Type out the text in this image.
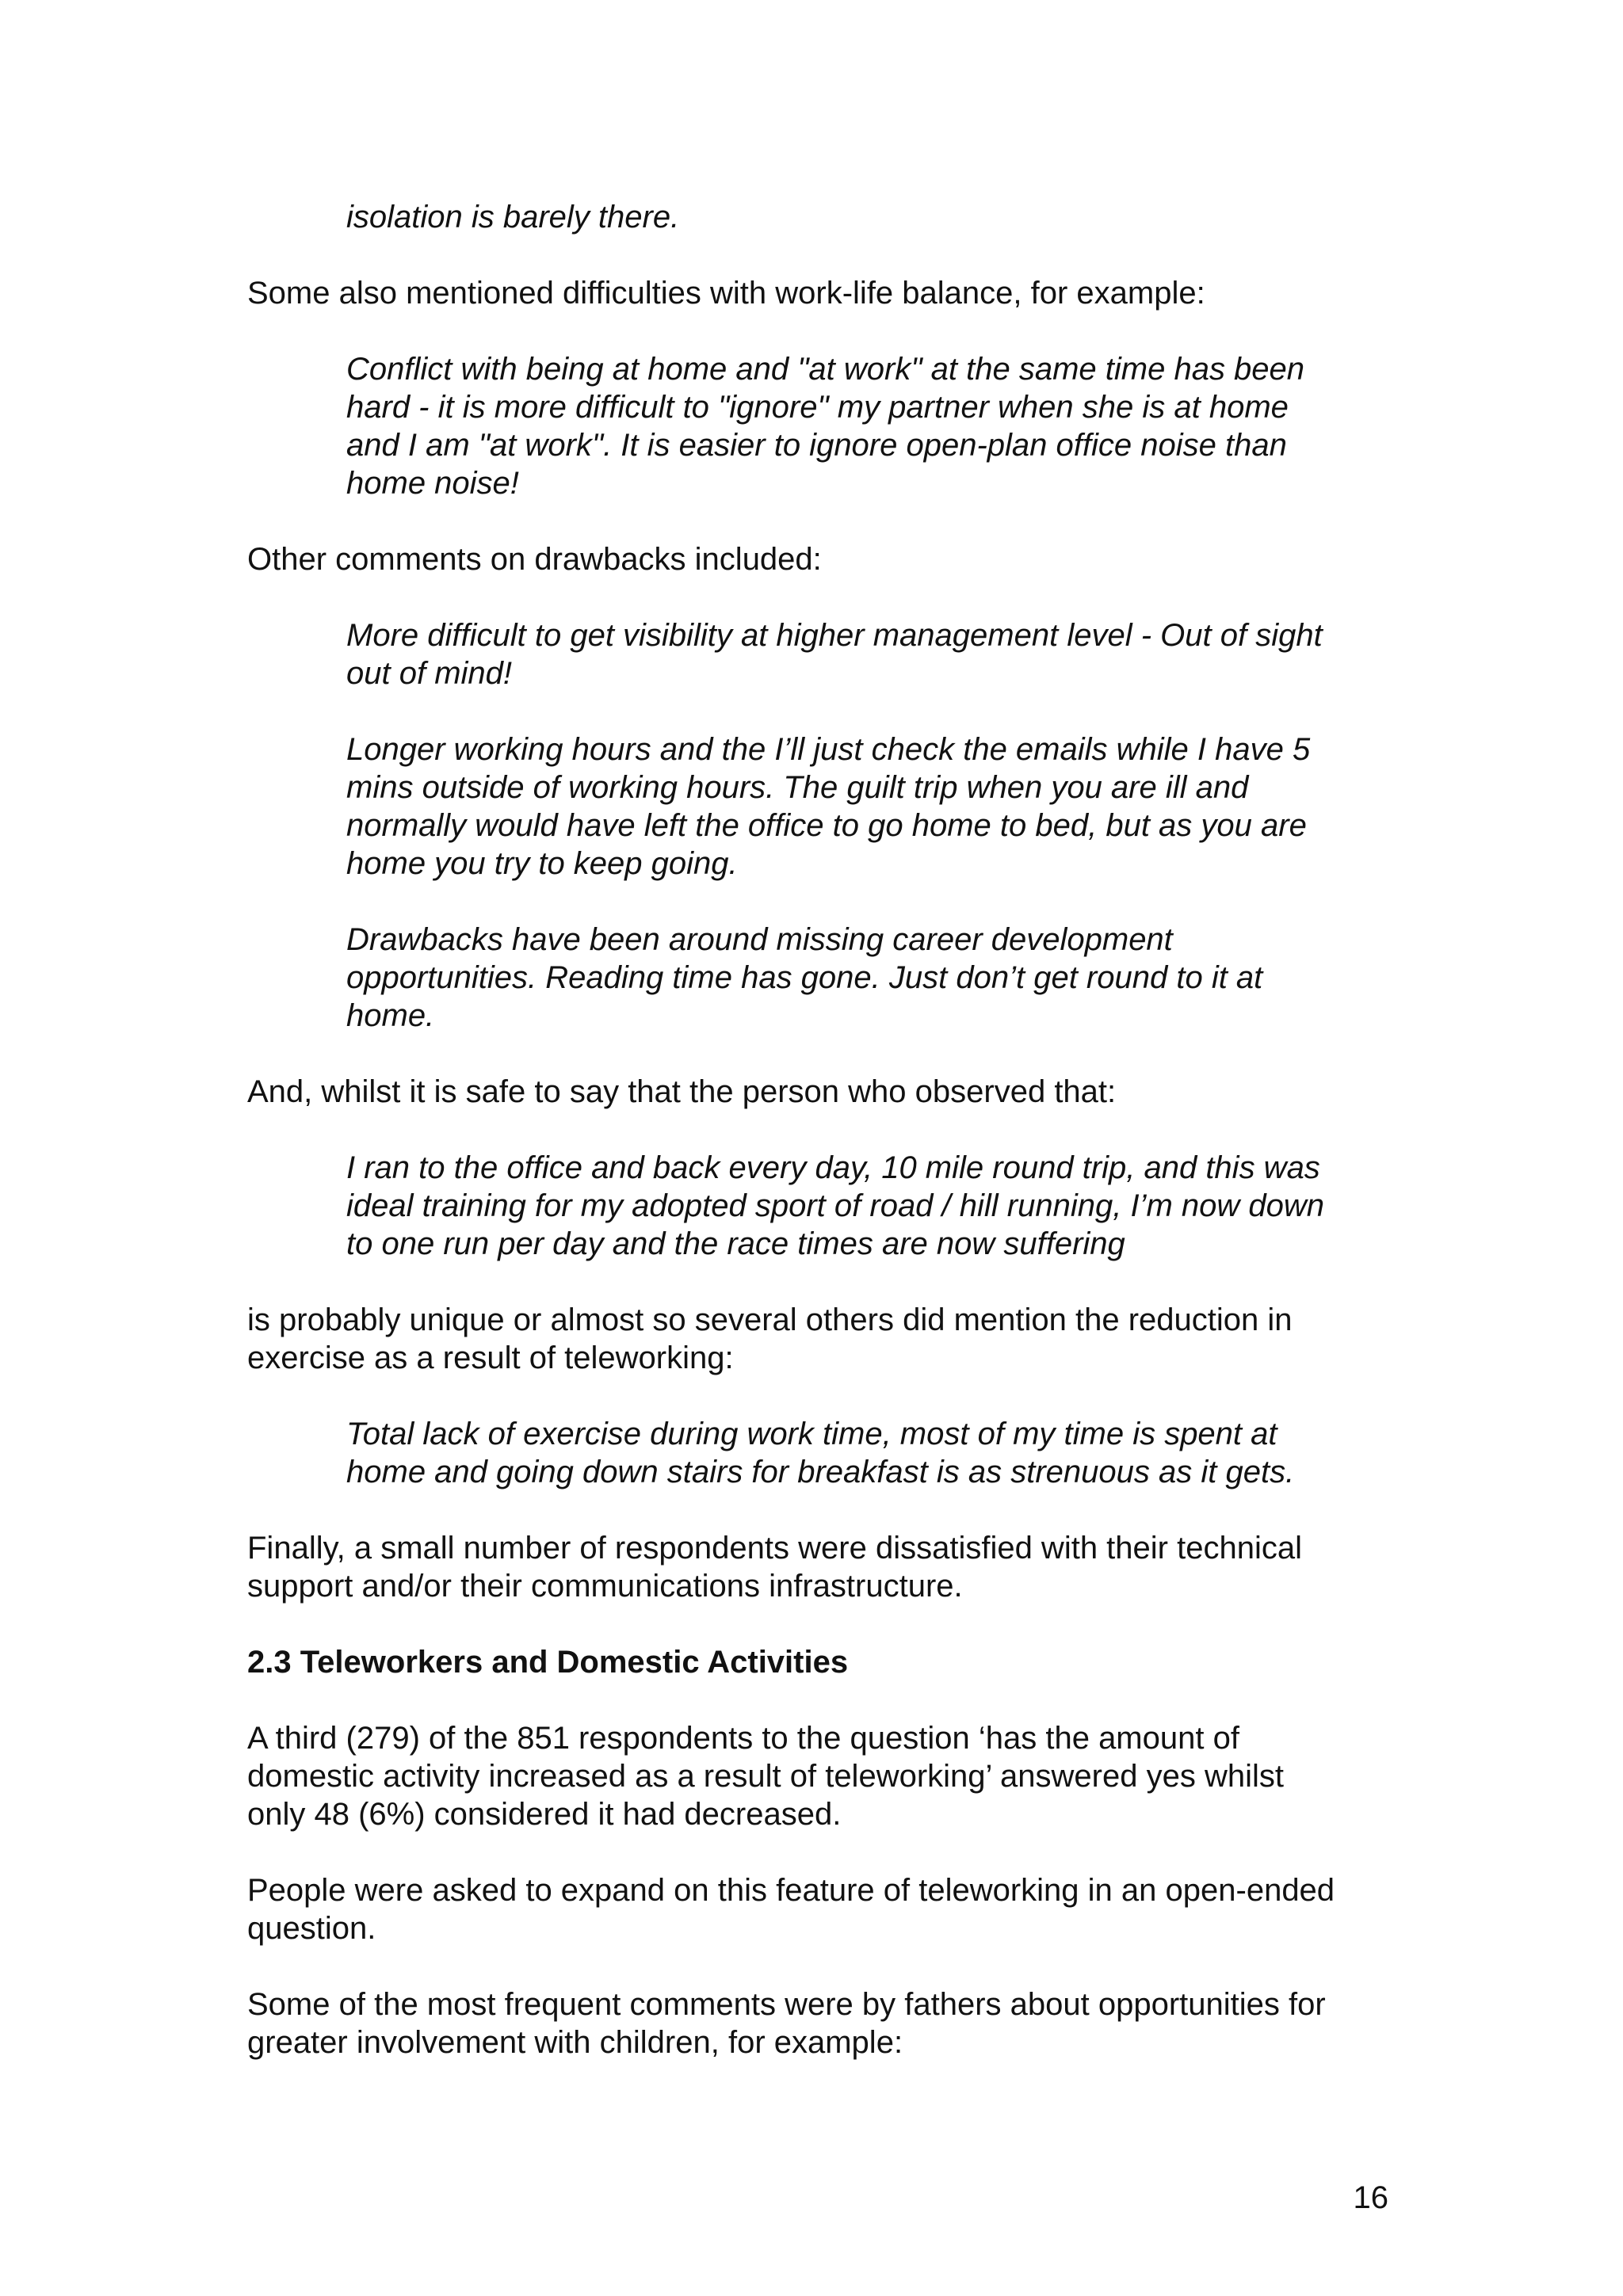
isolation is barely there.

Some also mentioned difficulties with work-life balance, for example:

Conflict with being at home and "at work" at the same time has been
hard - it is more difficult to "ignore" my partner when she is at home
and I am "at work". It is easier to ignore open-plan office noise than
home noise!

Other comments on drawbacks included:

More difficult to get visibility at higher management level - Out of sight
out of mind!

Longer working hours and the I’ll just check the emails while I have 5
mins outside of working hours. The guilt trip when you are ill and
normally would have left the office to go home to bed, but as you are
home you try to keep going.

Drawbacks have been around missing career development
opportunities. Reading time has gone. Just don’t get round to it at
home.

And, whilst it is safe to say that the person who observed that:

I ran to the office and back every day, 10 mile round trip, and this was
ideal training for my adopted sport of road / hill running, I’m now down
to one run per day and the race times are now suffering

is probably unique or almost so several others did mention the reduction in
exercise as a result of teleworking:

Total lack of exercise during work time, most of my time is spent at
home and going down stairs for breakfast is as strenuous as it gets.

Finally, a small number of respondents were dissatisfied with their technical
support and/or their communications infrastructure.

2.3 Teleworkers and Domestic Activities

A third (279) of the 851 respondents to the question ‘has the amount of
domestic activity increased as a result of teleworking’ answered yes whilst
only 48 (6%) considered it had decreased.

People were asked to expand on this feature of teleworking in an open-ended
question.

Some of the most frequent comments were by fathers about opportunities for
greater involvement with children, for example:

16
